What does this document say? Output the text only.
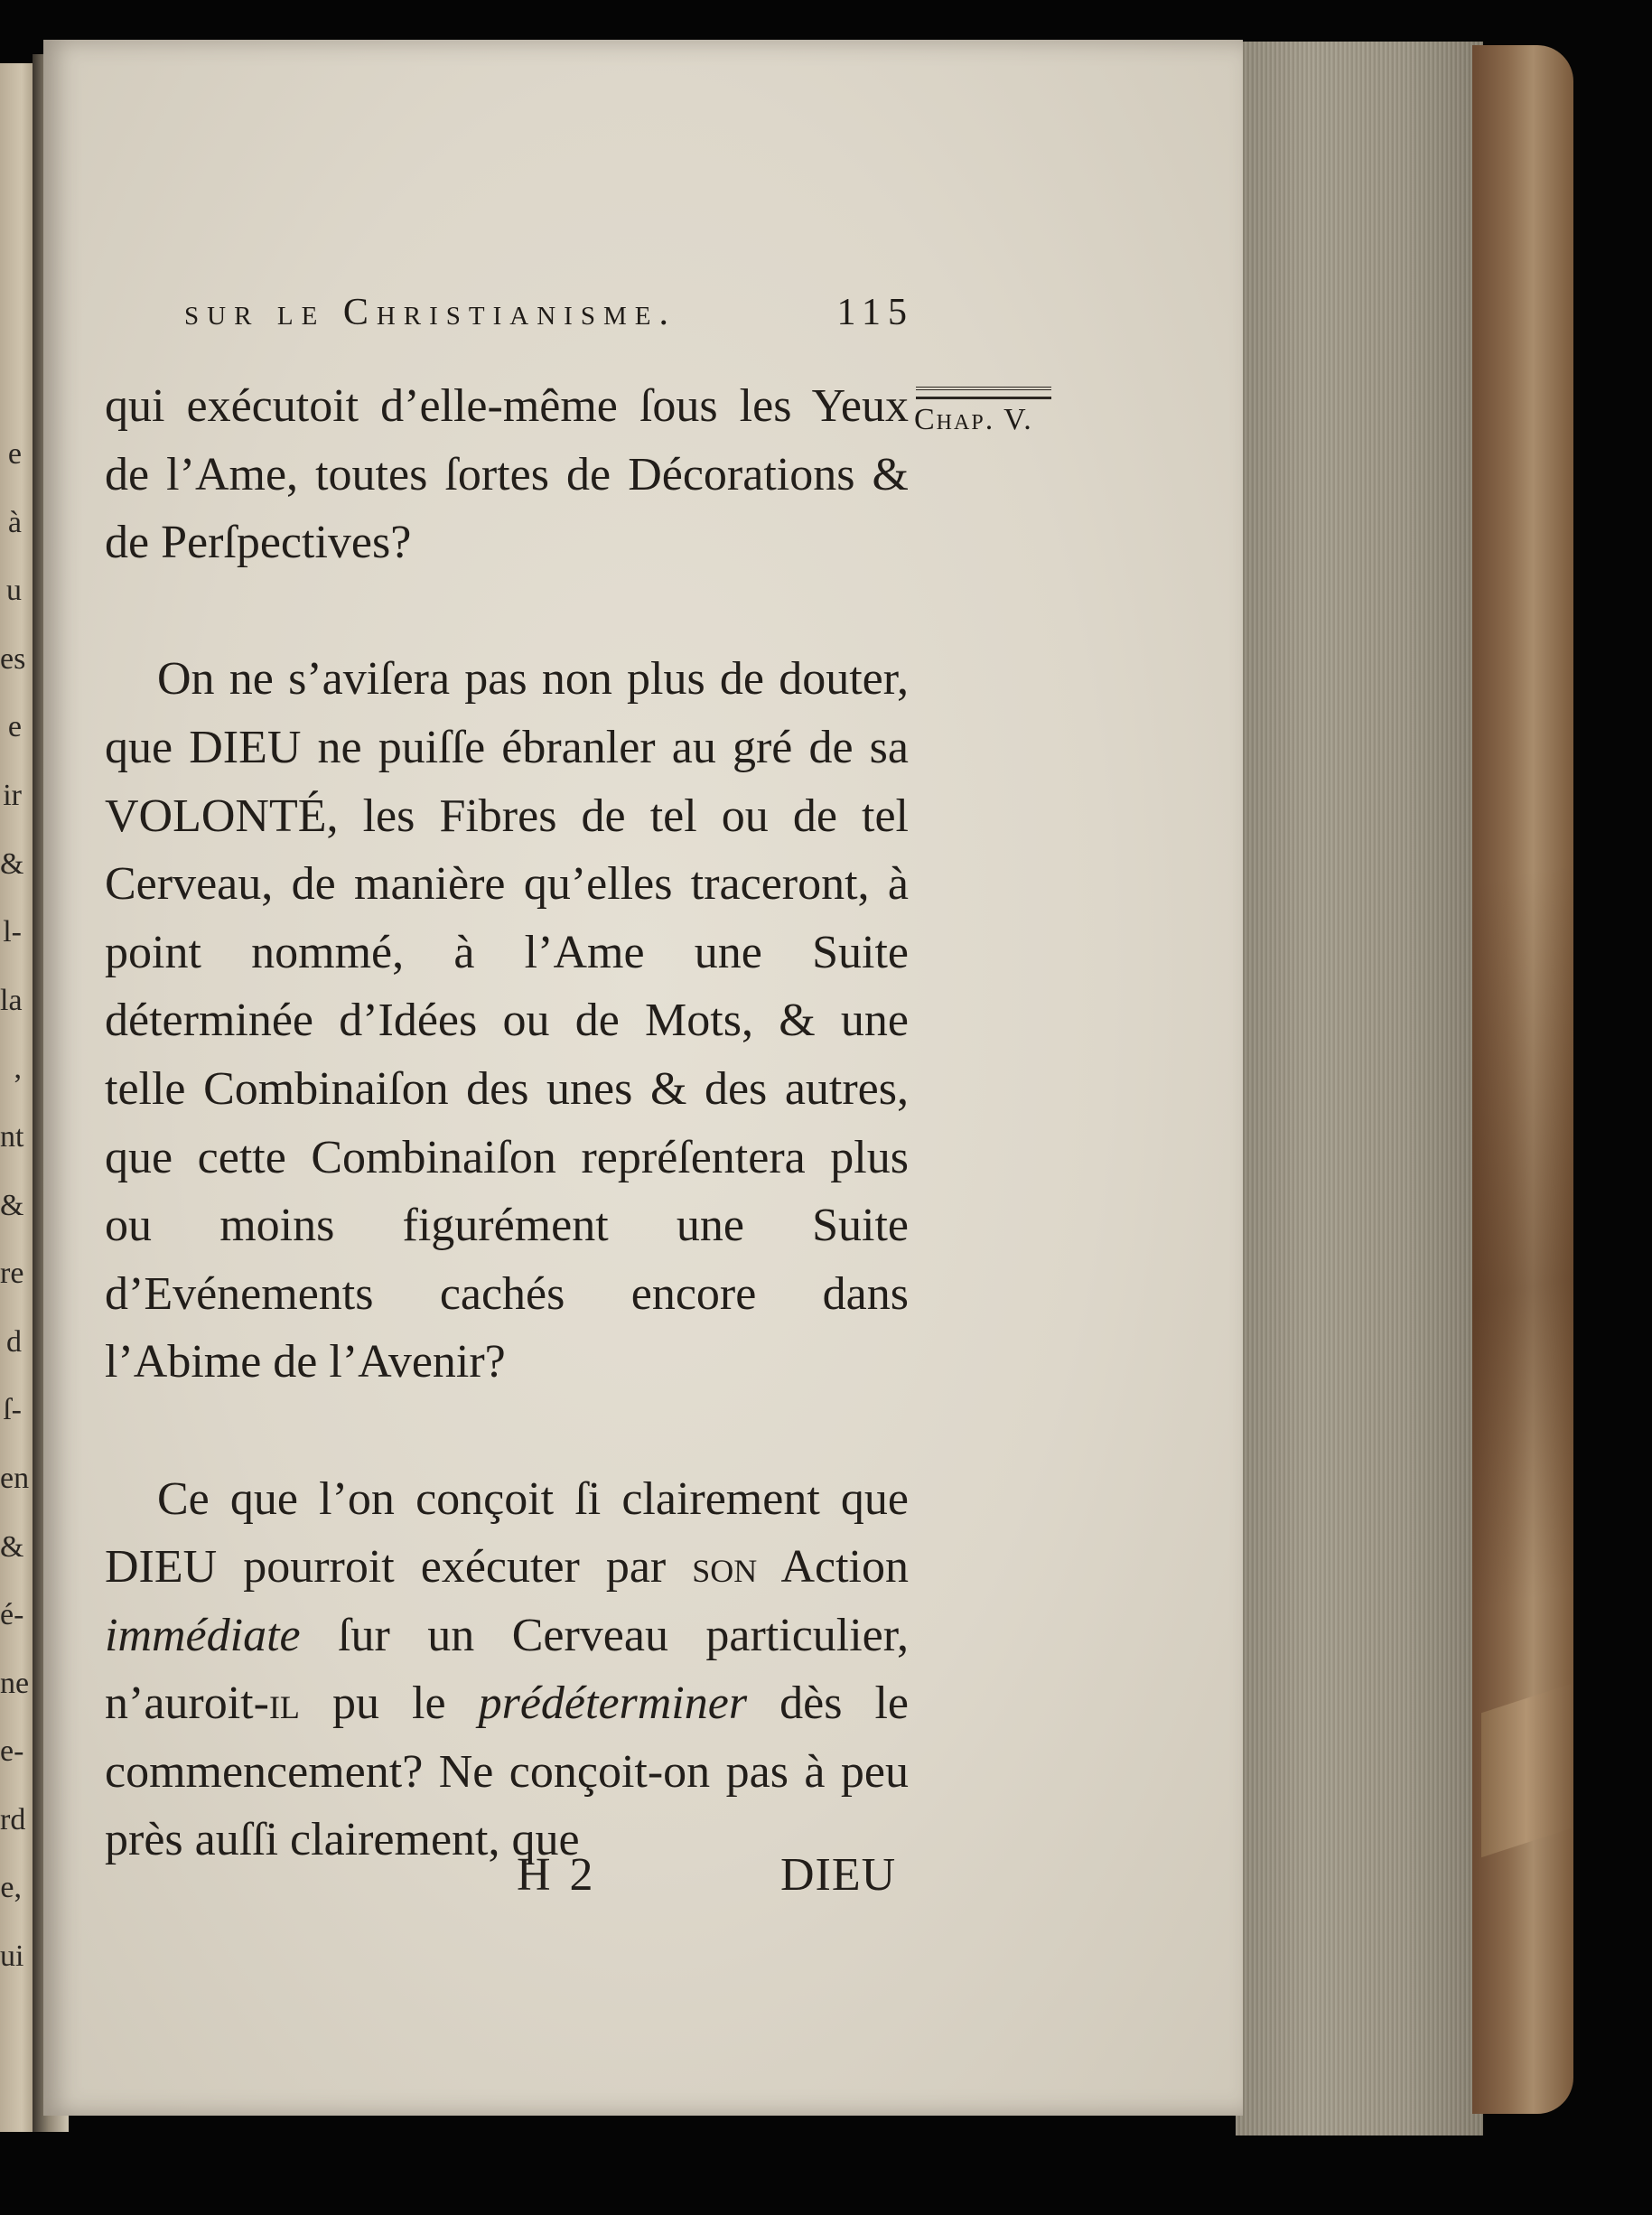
e
à
u
es
e
ir
&
l-
la
,
nt
&
re
d
ſ-
en
&
é-
ne
e-
rd
e,
ui
sur le Christianisme.	115
Chap. V.

qui exécutoit d’elle-même ſous les Yeux de l’Ame, toutes ſortes de Décorations & de Perſpectives?

On ne s’aviſera pas non plus de douter, que DIEU ne puiſſe ébranler au gré de sa VOLONTÉ, les Fibres de tel ou de tel Cerveau, de manière qu’elles traceront, à point nommé, à l’Ame une Suite déterminée d’Idées ou de Mots, & une telle Combinaiſon des unes & des autres, que cette Combinaiſon repréſentera plus ou moins figurément une Suite d’Evénements cachés encore dans l’Abime de l’Avenir?

Ce que l’on conçoit ſi clairement que DIEU pourroit exécuter par son Action immédiate ſur un Cerveau particulier, n’auroit-il pu le prédéterminer dès le commencement? Ne conçoit-on pas à peu près auſſi clairement, que

H 2	DIEU
